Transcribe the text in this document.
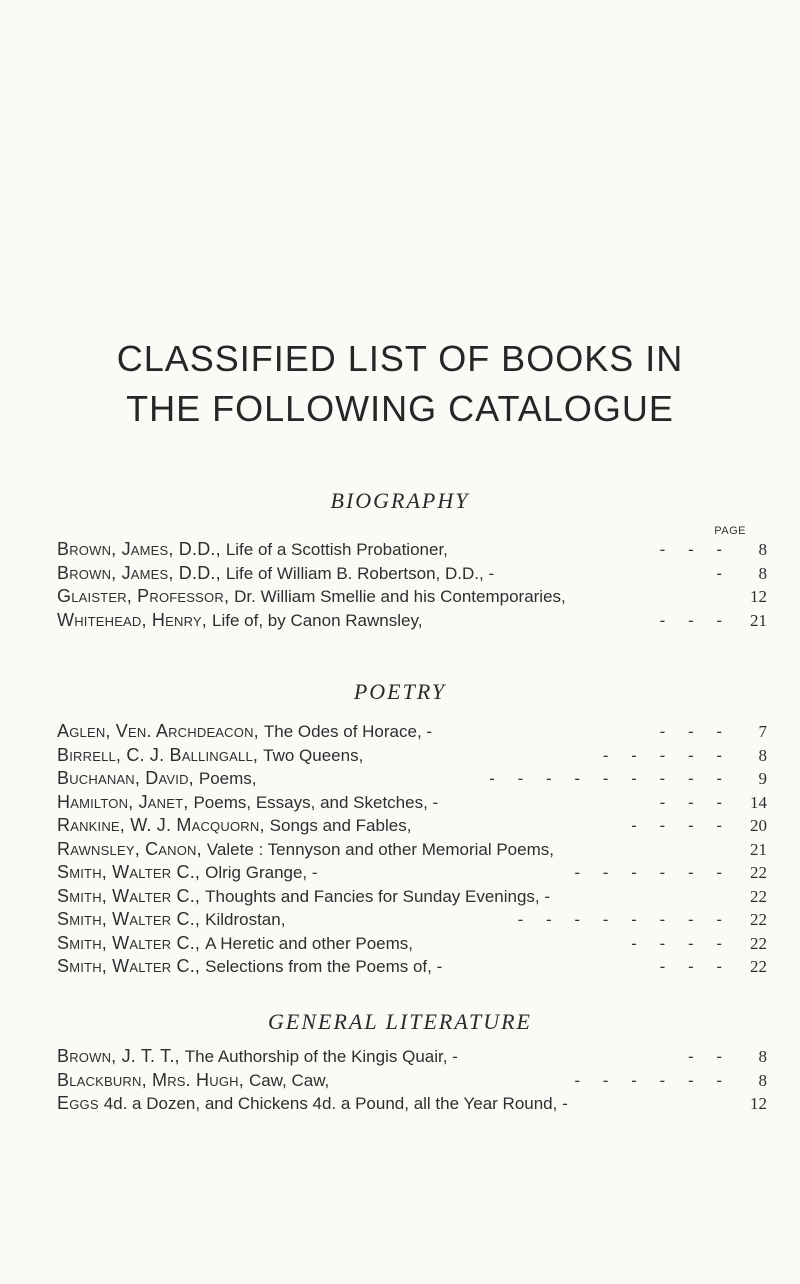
CLASSIFIED LIST OF BOOKS IN
THE FOLLOWING CATALOGUE
BIOGRAPHY
PAGE
Brown, James, D.D., Life of a Scottish Probationer,	- - -	8
Brown, James, D.D., Life of William B. Robertson, D.D., -	-	8
Glaister, Professor, Dr. William Smellie and his Contemporaries,	12
Whitehead, Henry, Life of, by Canon Rawnsley,	- - -	21
POETRY
Aglen, Ven. Archdeacon, The Odes of Horace, -	- - -	7
Birrell, C. J. Ballingall, Two Queens,	- - - - -	8
Buchanan, David, Poems,	- - - - - - - - -	9
Hamilton, Janet, Poems, Essays, and Sketches, -	- - -	14
Rankine, W. J. Macquorn, Songs and Fables,	- - - -	20
Rawnsley, Canon, Valete : Tennyson and other Memorial Poems,	21
Smith, Walter C., Olrig Grange, -	- - - - - -	22
Smith, Walter C., Thoughts and Fancies for Sunday Evenings, -	22
Smith, Walter C., Kildrostan,	- - - - - - - -	22
Smith, Walter C., A Heretic and other Poems,	- - - -	22
Smith, Walter C., Selections from the Poems of, -	- - -	22
GENERAL LITERATURE
Brown, J. T. T., The Authorship of the Kingis Quair, -	- -	8
Blackburn, Mrs. Hugh, Caw, Caw,	- - - - - -	8
Eggs 4d. a Dozen, and Chickens 4d. a Pound, all the Year Round, -	12
